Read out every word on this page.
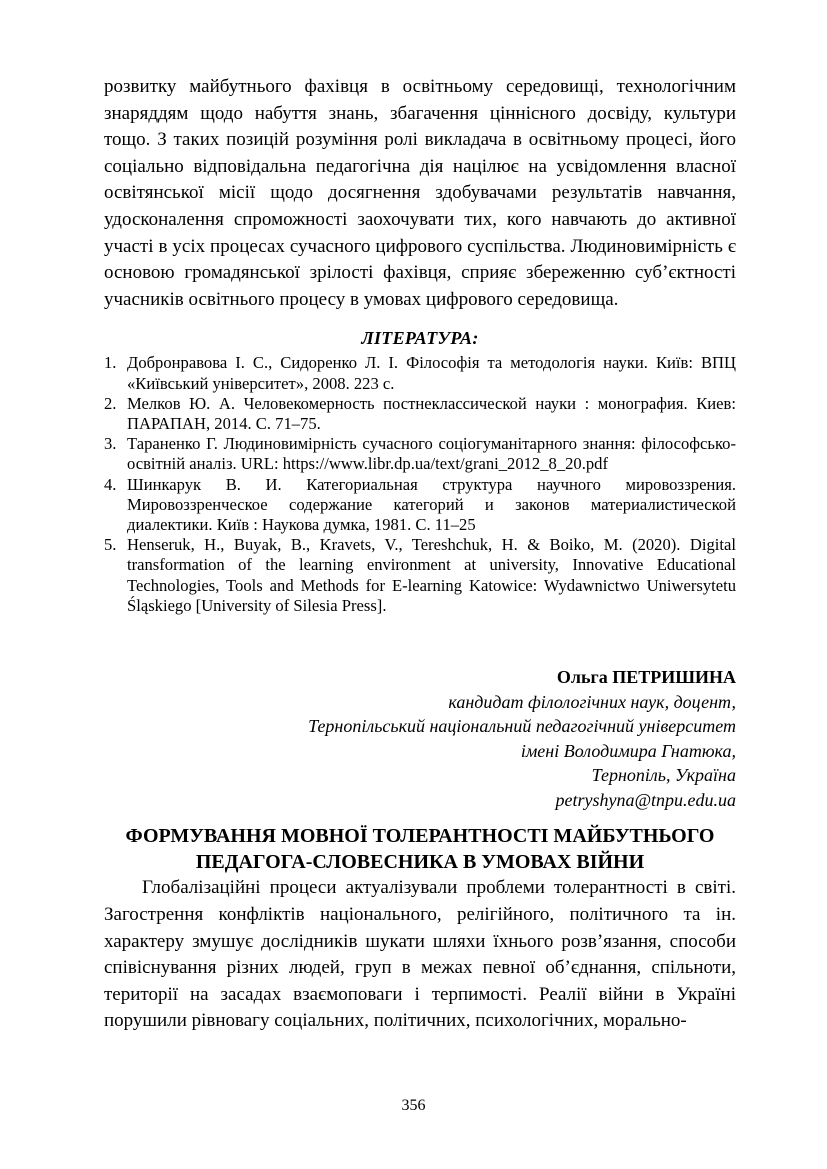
розвитку майбутнього фахівця в освітньому середовищі, технологічним знаряддям щодо набуття знань, збагачення ціннісного досвіду, культури тощо. З таких позицій розуміння ролі викладача в освітньому процесі, його соціально відповідальна педагогічна дія націлює на усвідомлення власної освітянської місії щодо досягнення здобувачами результатів навчання, удосконалення спроможності заохочувати тих, кого навчають до активної участі в усіх процесах сучасного цифрового суспільства. Людиновимірність є основою громадянської зрілості фахівця, сприяє збереженню суб’єктності учасників освітнього процесу в умовах цифрового середовища.

ЛІТЕРАТУРА:
1. Добронравова І. С., Сидоренко Л. І. Філософія та методологія науки. Київ: ВПЦ «Київський університет», 2008. 223 с.
2. Мелков Ю. А. Человекомерность постнеклассической науки : монография. Киев: ПАРАПАН, 2014. С. 71–75.
3. Тараненко Г. Людиновимірність сучасного соціогуманітарного знання: філософсько-освітній аналіз. URL: https://www.libr.dp.ua/text/grani_2012_8_20.pdf
4. Шинкарук В. И. Категориальная структура научного мировоззрения. Мировоззренческое содержание категорий и законов материалистической диалектики. Київ : Наукова думка, 1981. С. 11–25
5. Henseruk, H., Buyak, B., Kravets, V., Tereshchuk, H. & Boiko, M. (2020). Digital transformation of the learning environment at university, Innovative Educational Technologies, Tools and Methods for E-learning Katowice: Wydawnictwo Uniwersytetu Śląskiego [University of Silesia Press].
Ольга ПЕТРИШИНА
кандидат філологічних наук, доцент,
Тернопільський національний педагогічний університет
імені Володимира Гнатюка,
Тернопіль, Україна
petryshyna@tnpu.edu.ua
ФОРМУВАННЯ МОВНОЇ ТОЛЕРАНТНОСТІ МАЙБУТНЬОГО
ПЕДАГОГА-СЛОВЕСНИКА В УМОВАХ ВІЙНИ

Глобалізаційні процеси актуалізували проблеми толерантності в світі. Загострення конфліктів національного, релігійного, політичного та ін. характеру змушує дослідників шукати шляхи їхнього розв’язання, способи співіснування різних людей, груп в межах певної об’єднання, спільноти, території на засадах взаємоповаги і терпимості. Реалії війни в Україні порушили рівновагу соціальних, політичних, психологічних, морально-

356
